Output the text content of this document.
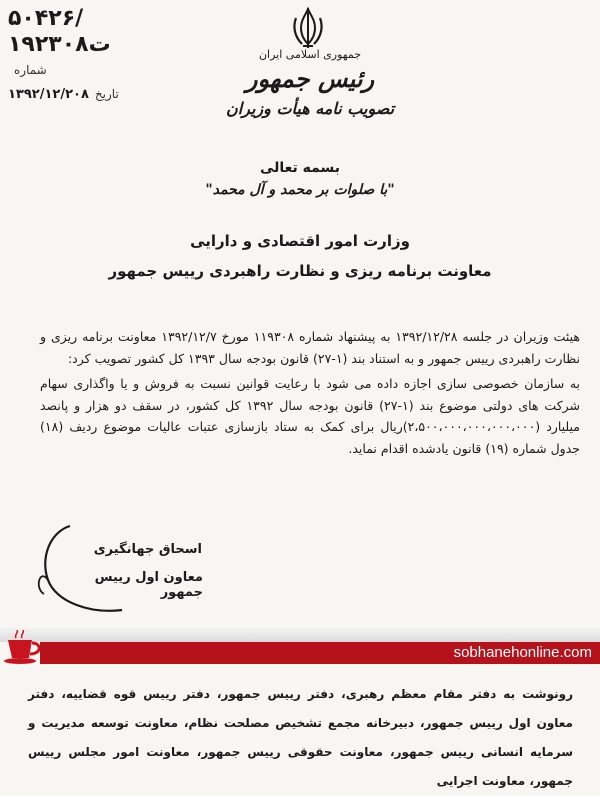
۵۰۴۲۶/ت۱۹۲۳۰۸
شماره
۱۳۹۲/۱۲/۲۰۸ تاریخ
جمهوری اسلامی ایران
رئیس جمهور
تصویب نامه هیأت وزیران
بسمه تعالی
"با صلوات بر محمد و آل محمد"
وزارت امور اقتصادی و دارایی
معاونت برنامه ریزی و نظارت راهبردی رییس جمهور

هیئت وزیران در جلسه ۱۳۹۲/۱۲/۲۸ به پیشنهاد شماره ۱۱۹۳۰۸ مورخ ۱۳۹۲/۱۲/۷ معاونت برنامه ریزی و نظارت راهبردی رییس جمهور و به استناد بند (۱-۲۷) قانون بودجه سال ۱۳۹۳ کل کشور تصویب کرد:

به سازمان خصوصی سازی اجازه داده می شود با رعایت قوانین نسبت به فروش و یا واگذاری سهام شرکت های دولتی موضوع بند (۱-۲۷) قانون بودجه سال ۱۳۹۲ کل کشور، در سقف دو هزار و پانصد میلیارد (۲،۵۰۰،۰۰۰،۰۰۰،۰۰۰،۰۰۰)ریال برای کمک به ستاد بازسازی عتبات عالیات موضوع ردیف (۱۸) جدول شماره (۱۹) قانون یادشده اقدام نماید.

اسحاق جهانگیری
معاون اول رییس جمهور
sobhanehonline.com
رونوشت به دفتر مقام معظم رهبری، دفتر رییس جمهور، دفتر رییس قوه قضاییه، دفتر معاون اول رییس جمهور، دبیرخانه مجمع تشخیص مصلحت نظام، معاونت توسعه مدیریت و سرمایه انسانی رییس جمهور، معاونت حقوقی رییس جمهور، معاونت امور مجلس رییس جمهور، معاونت اجرایی
